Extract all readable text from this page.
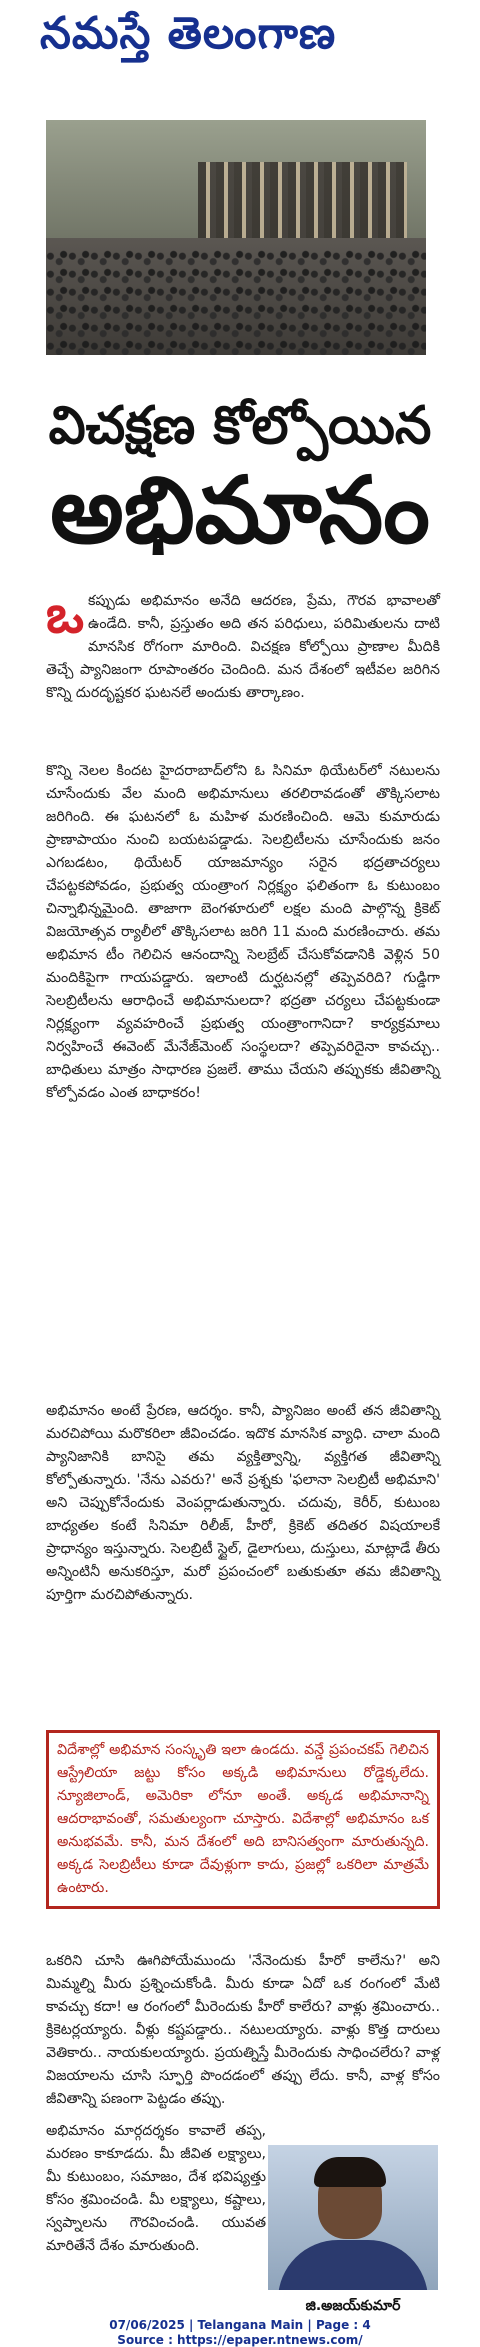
నమస్తే తెలంగాణ
విచక్షణ కోల్పోయిన
అభిమానం
ఒ కప్పుడు అభిమానం అనేది ఆదరణ, ప్రేమ, గౌరవ భావాలతో ఉండేది. కానీ, ప్రస్తుతం అది తన పరిధులు, పరిమితులను దాటి మానసిక రోగంగా మారింది. విచక్షణ కోల్పోయి ప్రాణాల మీదికి తెచ్చే ప్యానిజంగా రూపాంతరం చెందింది. మన దేశంలో ఇటీవల జరిగిన కొన్ని దురదృష్టకర ఘటనలే అందుకు తార్కాణం.
కొన్ని నెలల కిందట హైదరాబాద్‌లోని ఓ సినిమా థియేటర్‌లో నటులను చూసేందుకు వేల మంది అభిమానులు తరలిరావడంతో తొక్కిసలాట జరిగింది. ఈ ఘటనలో ఓ మహిళ మరణించింది. ఆమె కుమారుడు ప్రాణాపాయం నుంచి బయటపడ్డాడు. సెలబ్రిటీలను చూసేందుకు జనం ఎగబడటం, థియేటర్ యాజమాన్యం సరైన భద్రతాచర్యలు చేపట్టకపోవడం, ప్రభుత్వ యంత్రాంగ నిర్లక్ష్యం ఫలితంగా ఓ కుటుంబం చిన్నాభిన్నమైంది. తాజాగా బెంగళూరులో లక్షల మంది పాల్గొన్న క్రికెట్ విజయోత్సవ ర్యాలీలో తొక్కిసలాట జరిగి 11 మంది మరణించారు. తమ అభిమాన టీం గెలిచిన ఆనందాన్ని సెలబ్రేట్ చేసుకోవడానికి వెళ్లిన 50 మందికిపైగా గాయపడ్డారు. ఇలాంటి దుర్ఘటనల్లో తప్పెవరిది? గుడ్డిగా సెలబ్రిటీలను ఆరాధించే అభిమానులదా? భద్రతా చర్యలు చేపట్టకుండా నిర్లక్ష్యంగా వ్యవహరించే ప్రభుత్వ యంత్రాంగానిదా? కార్యక్రమాలు నిర్వహించే ఈవెంట్ మేనేజ్‌మెంట్ సంస్థలదా? తప్పెవరిదైనా కావచ్చు.. బాధితులు మాత్రం సాధారణ ప్రజలే. తాము చేయని తప్పుకకు జీవితాన్ని కోల్పోవడం ఎంత బాధాకరం!
అభిమానం అంటే ప్రేరణ, ఆదర్శం. కానీ, ప్యానిజం అంటే తన జీవితాన్ని మరచిపోయి మరొకరిలా జీవించడం. ఇదొక మానసిక వ్యాధి. చాలా మంది ప్యానిజానికి బానిసై తమ వ్యక్తిత్వాన్ని, వ్యక్తిగత జీవితాన్ని కోల్పోతున్నారు. 'నేను ఎవరు?' అనే ప్రశ్నకు 'ఫలానా సెలబ్రిటీ అభిమాని' అని చెప్పుకోనేందుకు వెంపర్లాడుతున్నారు. చదువు, కెరీర్, కుటుంబ బాధ్యతల కంటే సినిమా రిలీజ్, హీరో, క్రికెట్ తదితర విషయాలకే ప్రాధాన్యం ఇస్తున్నారు. సెలబ్రిటీ స్టైల్, డైలాగులు, దుస్తులు, మాట్లాడే తీరు అన్నింటినీ అనుకరిస్తూ, మరో ప్రపంచంలో బతుకుతూ తమ జీవితాన్ని పూర్తిగా మరచిపోతున్నారు.
విదేశాల్లో అభిమాన సంస్కృతి ఇలా ఉండదు. వన్డే ప్రపంచకప్ గెలిచిన ఆస్ట్రేలియా జట్టు కోసం అక్కడి అభిమానులు రోడ్డెక్కలేదు. న్యూజిలాండ్, అమెరికా లోనూ అంతే. అక్కడ అభిమానాన్ని ఆదరాభావంతో, సమతుల్యంగా చూస్తారు. విదేశాల్లో అభిమానం ఒక అనుభవమే. కానీ, మన దేశంలో అది బానిసత్వంగా మారుతున్నది. అక్కడ సెలబ్రిటీలు కూడా దేవుళ్లుగా కాదు, ప్రజల్లో ఒకరిలా మాత్రమే ఉంటారు.
ఒకరిని చూసి ఊగిపోయేముందు 'నేనెందుకు హీరో కాలేను?' అని మిమ్మల్ని మీరు ప్రశ్నించుకోండి. మీరు కూడా ఏదో ఒక రంగంలో మేటి కావచ్చు కదా! ఆ రంగంలో మీరెందుకు హీరో కాలేరు? వాళ్లు శ్రమించారు.. క్రికెటర్లయ్యారు. వీళ్లు కష్టపడ్డారు.. నటులయ్యారు. వాళ్లు కొత్త దారులు వెతికారు.. నాయకులయ్యారు. ప్రయత్నిస్తే మీరెందుకు సాధించలేరు? వాళ్ల విజయాలను చూసి స్ఫూర్తి పొందడంలో తప్పు లేదు. కానీ, వాళ్ల కోసం జీవితాన్ని పణంగా పెట్టడం తప్పు.
అభిమానం మార్గదర్శకం కావాలే తప్ప, మరణం కాకూడదు. మీ జీవిత లక్ష్యాలు, మీ కుటుంబం, సమాజం, దేశ భవిష్యత్తు కోసం శ్రమించండి. మీ లక్ష్యాలు, కష్టాలు, స్వప్నాలను గౌరవించండి. యువత మారితేనే దేశం మారుతుంది.
జి.అజయ్‌కుమార్
07/06/2025 | Telangana Main | Page : 4
Source : https://epaper.ntnews.com/
